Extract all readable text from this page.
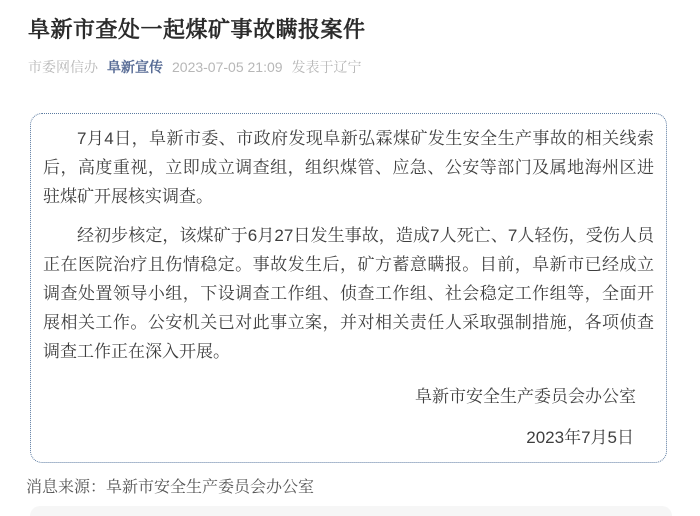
阜新市查处一起煤矿事故瞒报案件
市委网信办 阜新宣传 2023-07-05 21:09 发表于辽宁

7月4日，阜新市委、市政府发现阜新弘霖煤矿发生安全生产事故的相关线索后，高度重视，立即成立调查组，组织煤管、应急、公安等部门及属地海州区进驻煤矿开展核实调查。

经初步核定，该煤矿于6月27日发生事故，造成7人死亡、7人轻伤，受伤人员正在医院治疗且伤情稳定。事故发生后，矿方蓄意瞒报。目前，阜新市已经成立调查处置领导小组，下设调查工作组、侦查工作组、社会稳定工作组等，全面开展相关工作。公安机关已对此事立案，并对相关责任人采取强制措施，各项侦查调查工作正在深入开展。

阜新市安全生产委员会办公室
2023年7月5日
消息来源：阜新市安全生产委员会办公室
